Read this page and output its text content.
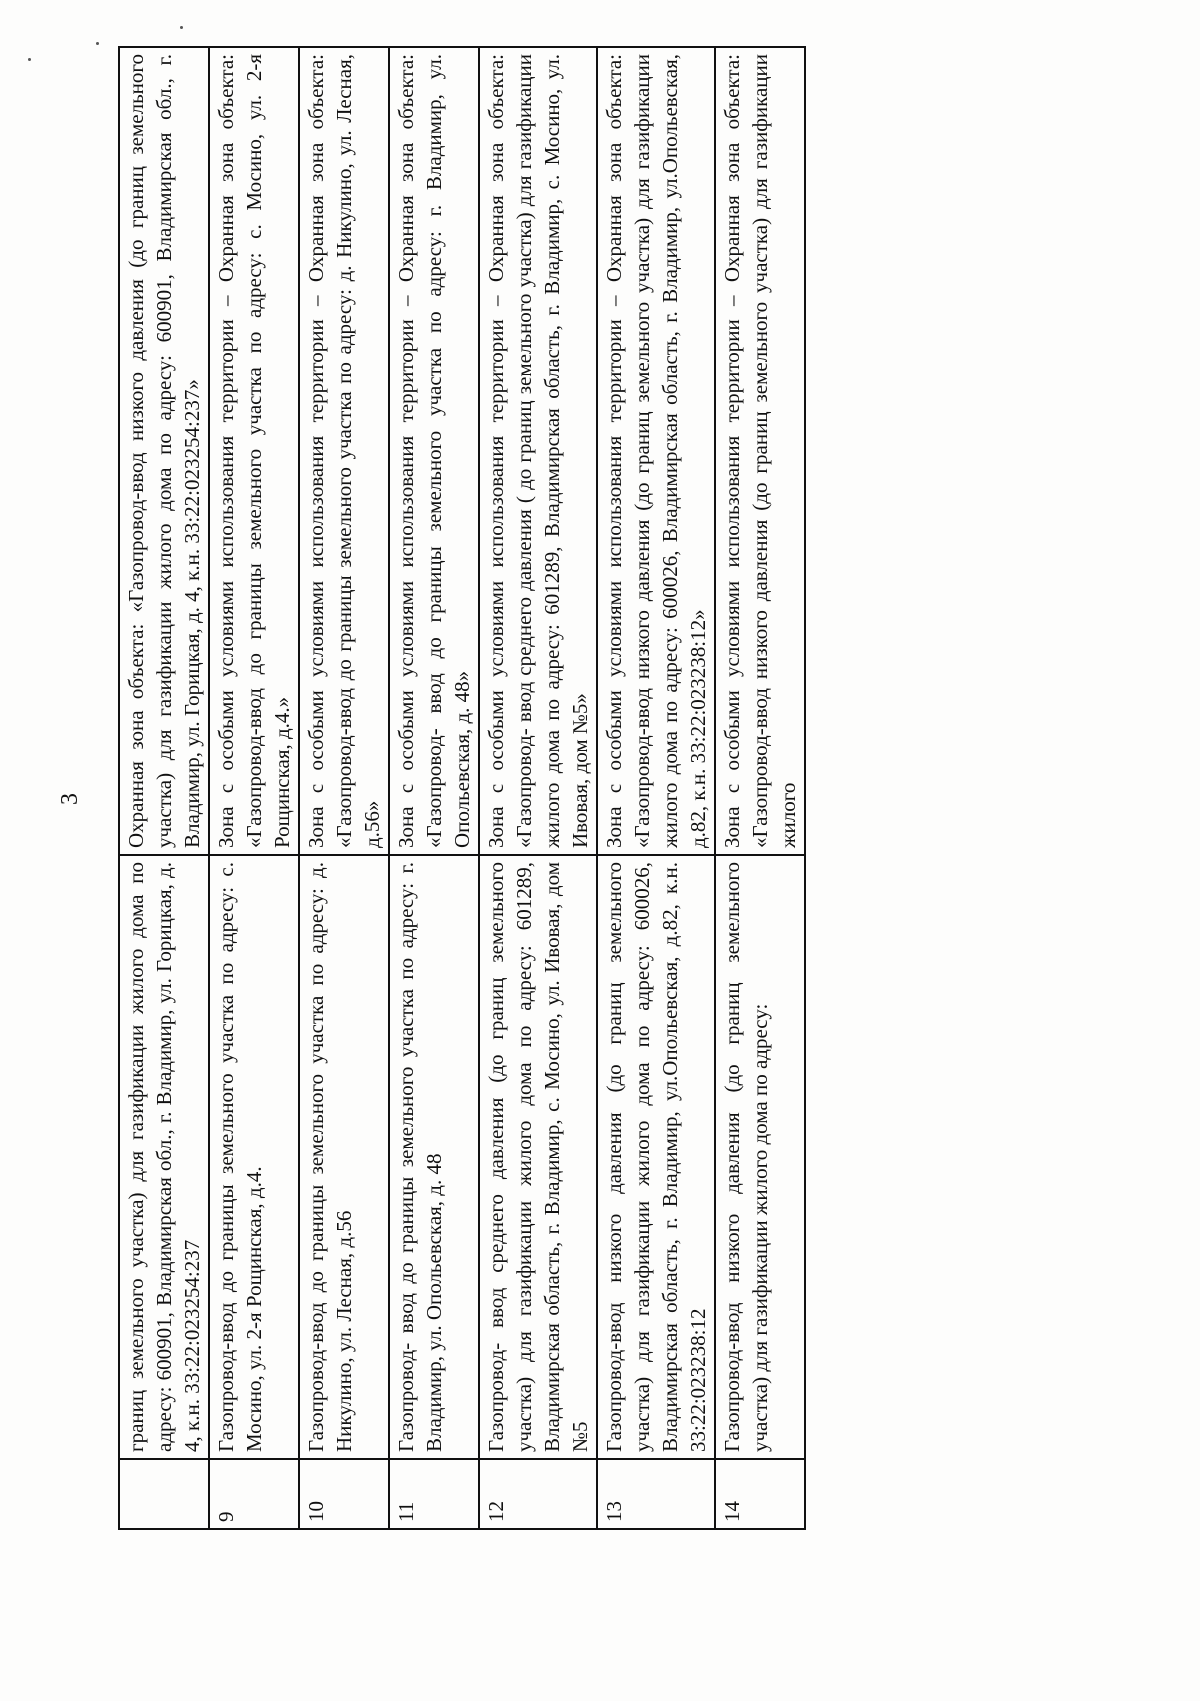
3
	границ земельного участка) для газификации жилого дома по адресу: 600901, Владимирская обл., г. Владимир, ул. Горицкая, д. 4, к.н. 33:22:023254:237	Охранная зона объекта: «Газопровод-ввод низкого давления (до границ земельного участка) для газификации жилого дома по адресу: 600901, Владимирская обл., г. Владимир, ул. Горицкая, д. 4, к.н. 33:22:023254:237»
9	Газопровод-ввод до границы земельного участка по адресу: с. Мосино, ул. 2-я Рощинская, д.4.	Зона с особыми условиями использования территории – Охранная зона объекта: «Газопровод-ввод до границы земельного участка по адресу: с. Мосино, ул. 2-я Рощинская, д.4.»
10	Газопровод-ввод до границы земельного участка по адресу: д. Никулино, ул. Лесная, д.56	Зона с особыми условиями использования территории – Охранная зона объекта: «Газопровод-ввод до границы земельного участка по адресу: д. Никулино, ул. Лесная, д.56»
11	Газопровод- ввод до границы земельного участка по адресу: г. Владимир, ул. Опольевская, д. 48	Зона с особыми условиями использования территории – Охранная зона объекта: «Газопровод- ввод до границы земельного участка по адресу: г. Владимир, ул. Опольевская, д. 48»
12	Газопровод- ввод среднего давления (до границ земельного участка) для газификации жилого дома по адресу: 601289, Владимирская область, г. Владимир, с. Мосино, ул. Ивовая, дом №5	Зона с особыми условиями использования территории – Охранная зона объекта: «Газопровод- ввод среднего давления ( до границ земельного участка) для газификации жилого дома по адресу: 601289, Владимирская область, г. Владимир, с. Мосино, ул. Ивовая, дом №5»
13	Газопровод-ввод низкого давления (до границ земельного участка) для газификации жилого дома по адресу: 600026, Владимирская область, г. Владимир, ул.Опольевская, д.82, к.н. 33:22:023238:12	Зона с особыми условиями использования территории – Охранная зона объекта: «Газопровод-ввод низкого давления (до границ земельного участка) для газификации жилого дома по адресу: 600026, Владимирская область, г. Владимир, ул.Опольевская, д.82, к.н. 33:22:023238:12»
14	Газопровод-ввод низкого давления (до границ земельного участка) для газификации жилого дома по адресу:	Зона с особыми условиями использования территории – Охранная зона объекта: «Газопровод-ввод низкого давления (до границ земельного участка) для газификации жилого
